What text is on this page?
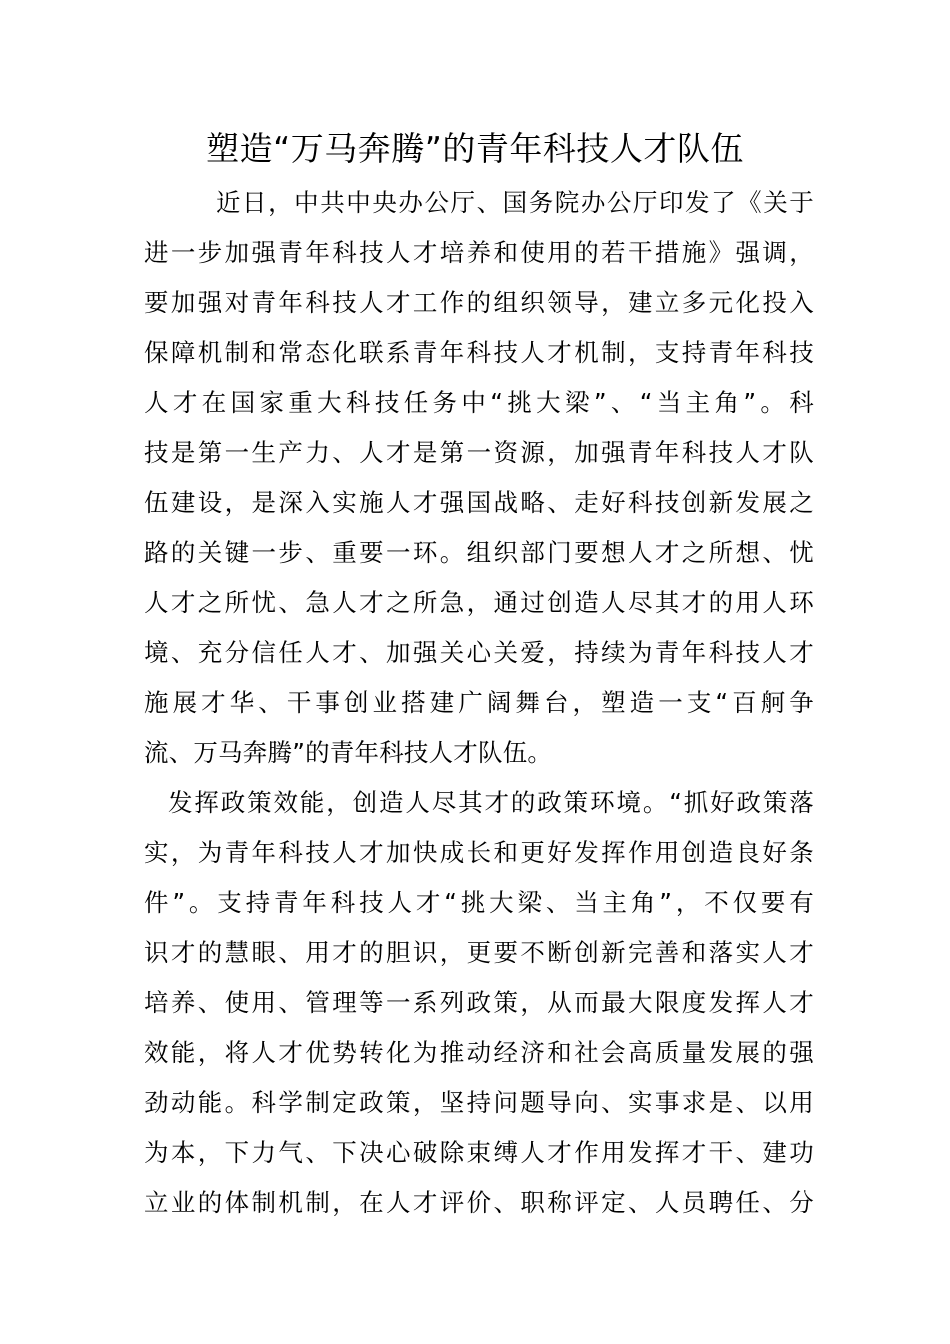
塑造“万马奔腾”的青年科技人才队伍
近日，中共中央办公厅、国务院办公厅印发了《关于
进一步加强青年科技人才培养和使用的若干措施》强调，
要加强对青年科技人才工作的组织领导，建立多元化投入
保障机制和常态化联系青年科技人才机制，支持青年科技
人才在国家重大科技任务中“挑大梁”、“当主角”。科
技是第一生产力、人才是第一资源，加强青年科技人才队
伍建设，是深入实施人才强国战略、走好科技创新发展之
路的关键一步、重要一环。组织部门要想人才之所想、忧
人才之所忧、急人才之所急，通过创造人尽其才的用人环
境、充分信任人才、加强关心关爱，持续为青年科技人才
施展才华、干事创业搭建广阔舞台，塑造一支“百舸争
流、万马奔腾”的青年科技人才队伍。
发挥政策效能，创造人尽其才的政策环境。“抓好政策落
实，为青年科技人才加快成长和更好发挥作用创造良好条
件”。支持青年科技人才“挑大梁、当主角”，不仅要有
识才的慧眼、用才的胆识，更要不断创新完善和落实人才
培养、使用、管理等一系列政策，从而最大限度发挥人才
效能，将人才优势转化为推动经济和社会高质量发展的强
劲动能。科学制定政策，坚持问题导向、实事求是、以用
为本，下力气、下决心破除束缚人才作用发挥才干、建功
立业的体制机制，在人才评价、职称评定、人员聘任、分
